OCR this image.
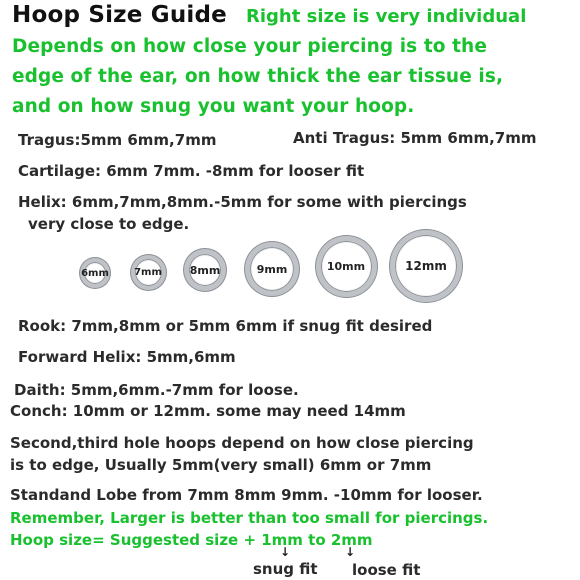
Hoop Size Guide Right size is very individual
Depends on how close your piercing is to the
edge of the ear, on how thick the ear tissue is,
and on how snug you want your hoop.
Tragus:5mm 6mm,7mm	Anti Tragus: 5mm 6mm,7mm
Cartilage: 6mm 7mm. -8mm for looser fit
Helix: 6mm,7mm,8mm.-5mm for some with piercings
very close to edge.
6mm	7mm	8mm	9mm	10mm	12mm
Rook: 7mm,8mm or 5mm 6mm if snug fit desired
Forward Helix: 5mm,6mm
Daith: 5mm,6mm.-7mm for loose.
Conch: 10mm or 12mm. some may need 14mm
Second,third hole hoops depend on how close piercing
is to edge, Usually 5mm(very small) 6mm or 7mm
Standand Lobe from 7mm 8mm 9mm. -10mm for looser.
Remember, Larger is better than too small for piercings.
Hoop size= Suggested size + 1mm to 2mm
↓	↓
snug fit loose fit
